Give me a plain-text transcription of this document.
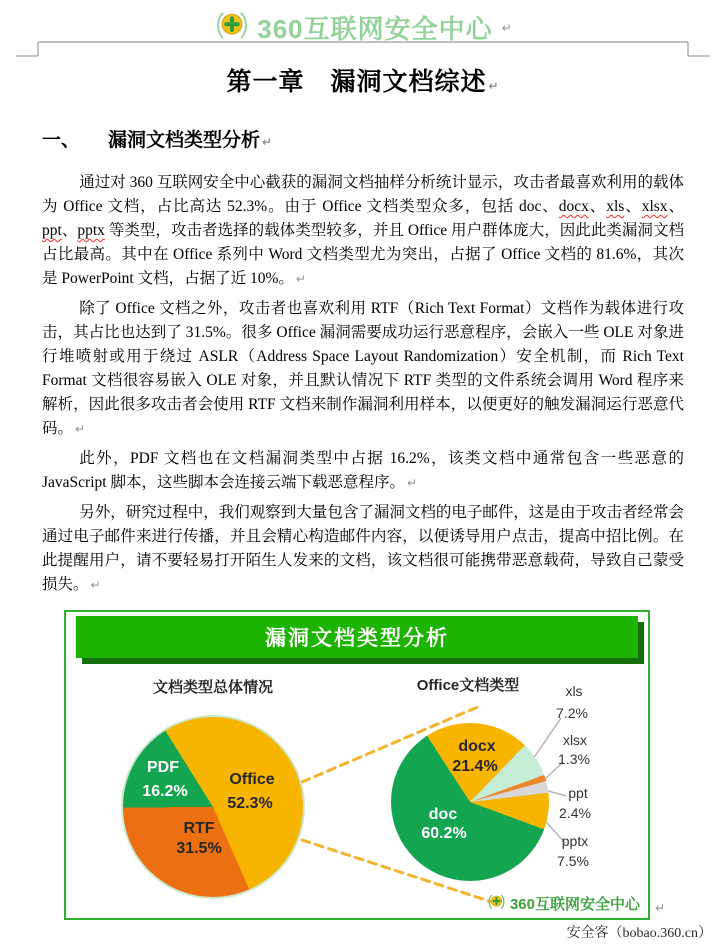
360互联网安全中心 ↵
第一章　漏洞文档综述 ↵
一、 漏洞文档类型分析 ↵

通过对 360 互联网安全中心截获的漏洞文档抽样分析统计显示，攻击者最喜欢利用的载体为 Office 文档，占比高达 52.3%。由于 Office 文档类型众多，包括 doc、docx、xls、xlsx、ppt、pptx 等类型，攻击者选择的载体类型较多，并且 Office 用户群体庞大，因此此类漏洞文档占比最高。其中在 Office 系列中 Word 文档类型尤为突出，占据了 Office 文档的 81.6%，其次是 PowerPoint 文档，占据了近 10%。 ↵

除了 Office 文档之外，攻击者也喜欢利用 RTF（Rich Text Format）文档作为载体进行攻击，其占比也达到了 31.5%。很多 Office 漏洞需要成功运行恶意程序，会嵌入一些 OLE 对象进行堆喷射或用于绕过 ASLR（Address Space Layout Randomization）安全机制，而 Rich Text Format 文档很容易嵌入 OLE 对象，并且默认情况下 RTF 类型的文件系统会调用 Word 程序来解析，因此很多攻击者会使用 RTF 文档来制作漏洞利用样本，以便更好的触发漏洞运行恶意代码。 ↵

此外，PDF 文档也在文档漏洞类型中占据 16.2%，该类文档中通常包含一些恶意的 JavaScript 脚本，这些脚本会连接云端下载恶意程序。 ↵

另外，研究过程中，我们观察到大量包含了漏洞文档的电子邮件，这是由于攻击者经常会通过电子邮件来进行传播，并且会精心构造邮件内容，以便诱导用户点击，提高中招比例。在此提醒用户，请不要轻易打开陌生人发来的文档，该文档很可能携带恶意载荷，导致自己蒙受损失。 ↵

漏洞文档类型分析
文档类型总体情况	Office文档类型
PDF
16.2%
Office
52.3%
RTF
31.5%
docx
21.4%
doc
60.2%
xls
7.2%
xlsx
1.3%
ppt
2.4%
pptx
7.5%
360互联网安全中心 ↵
安全客（bobao.360.cn）
